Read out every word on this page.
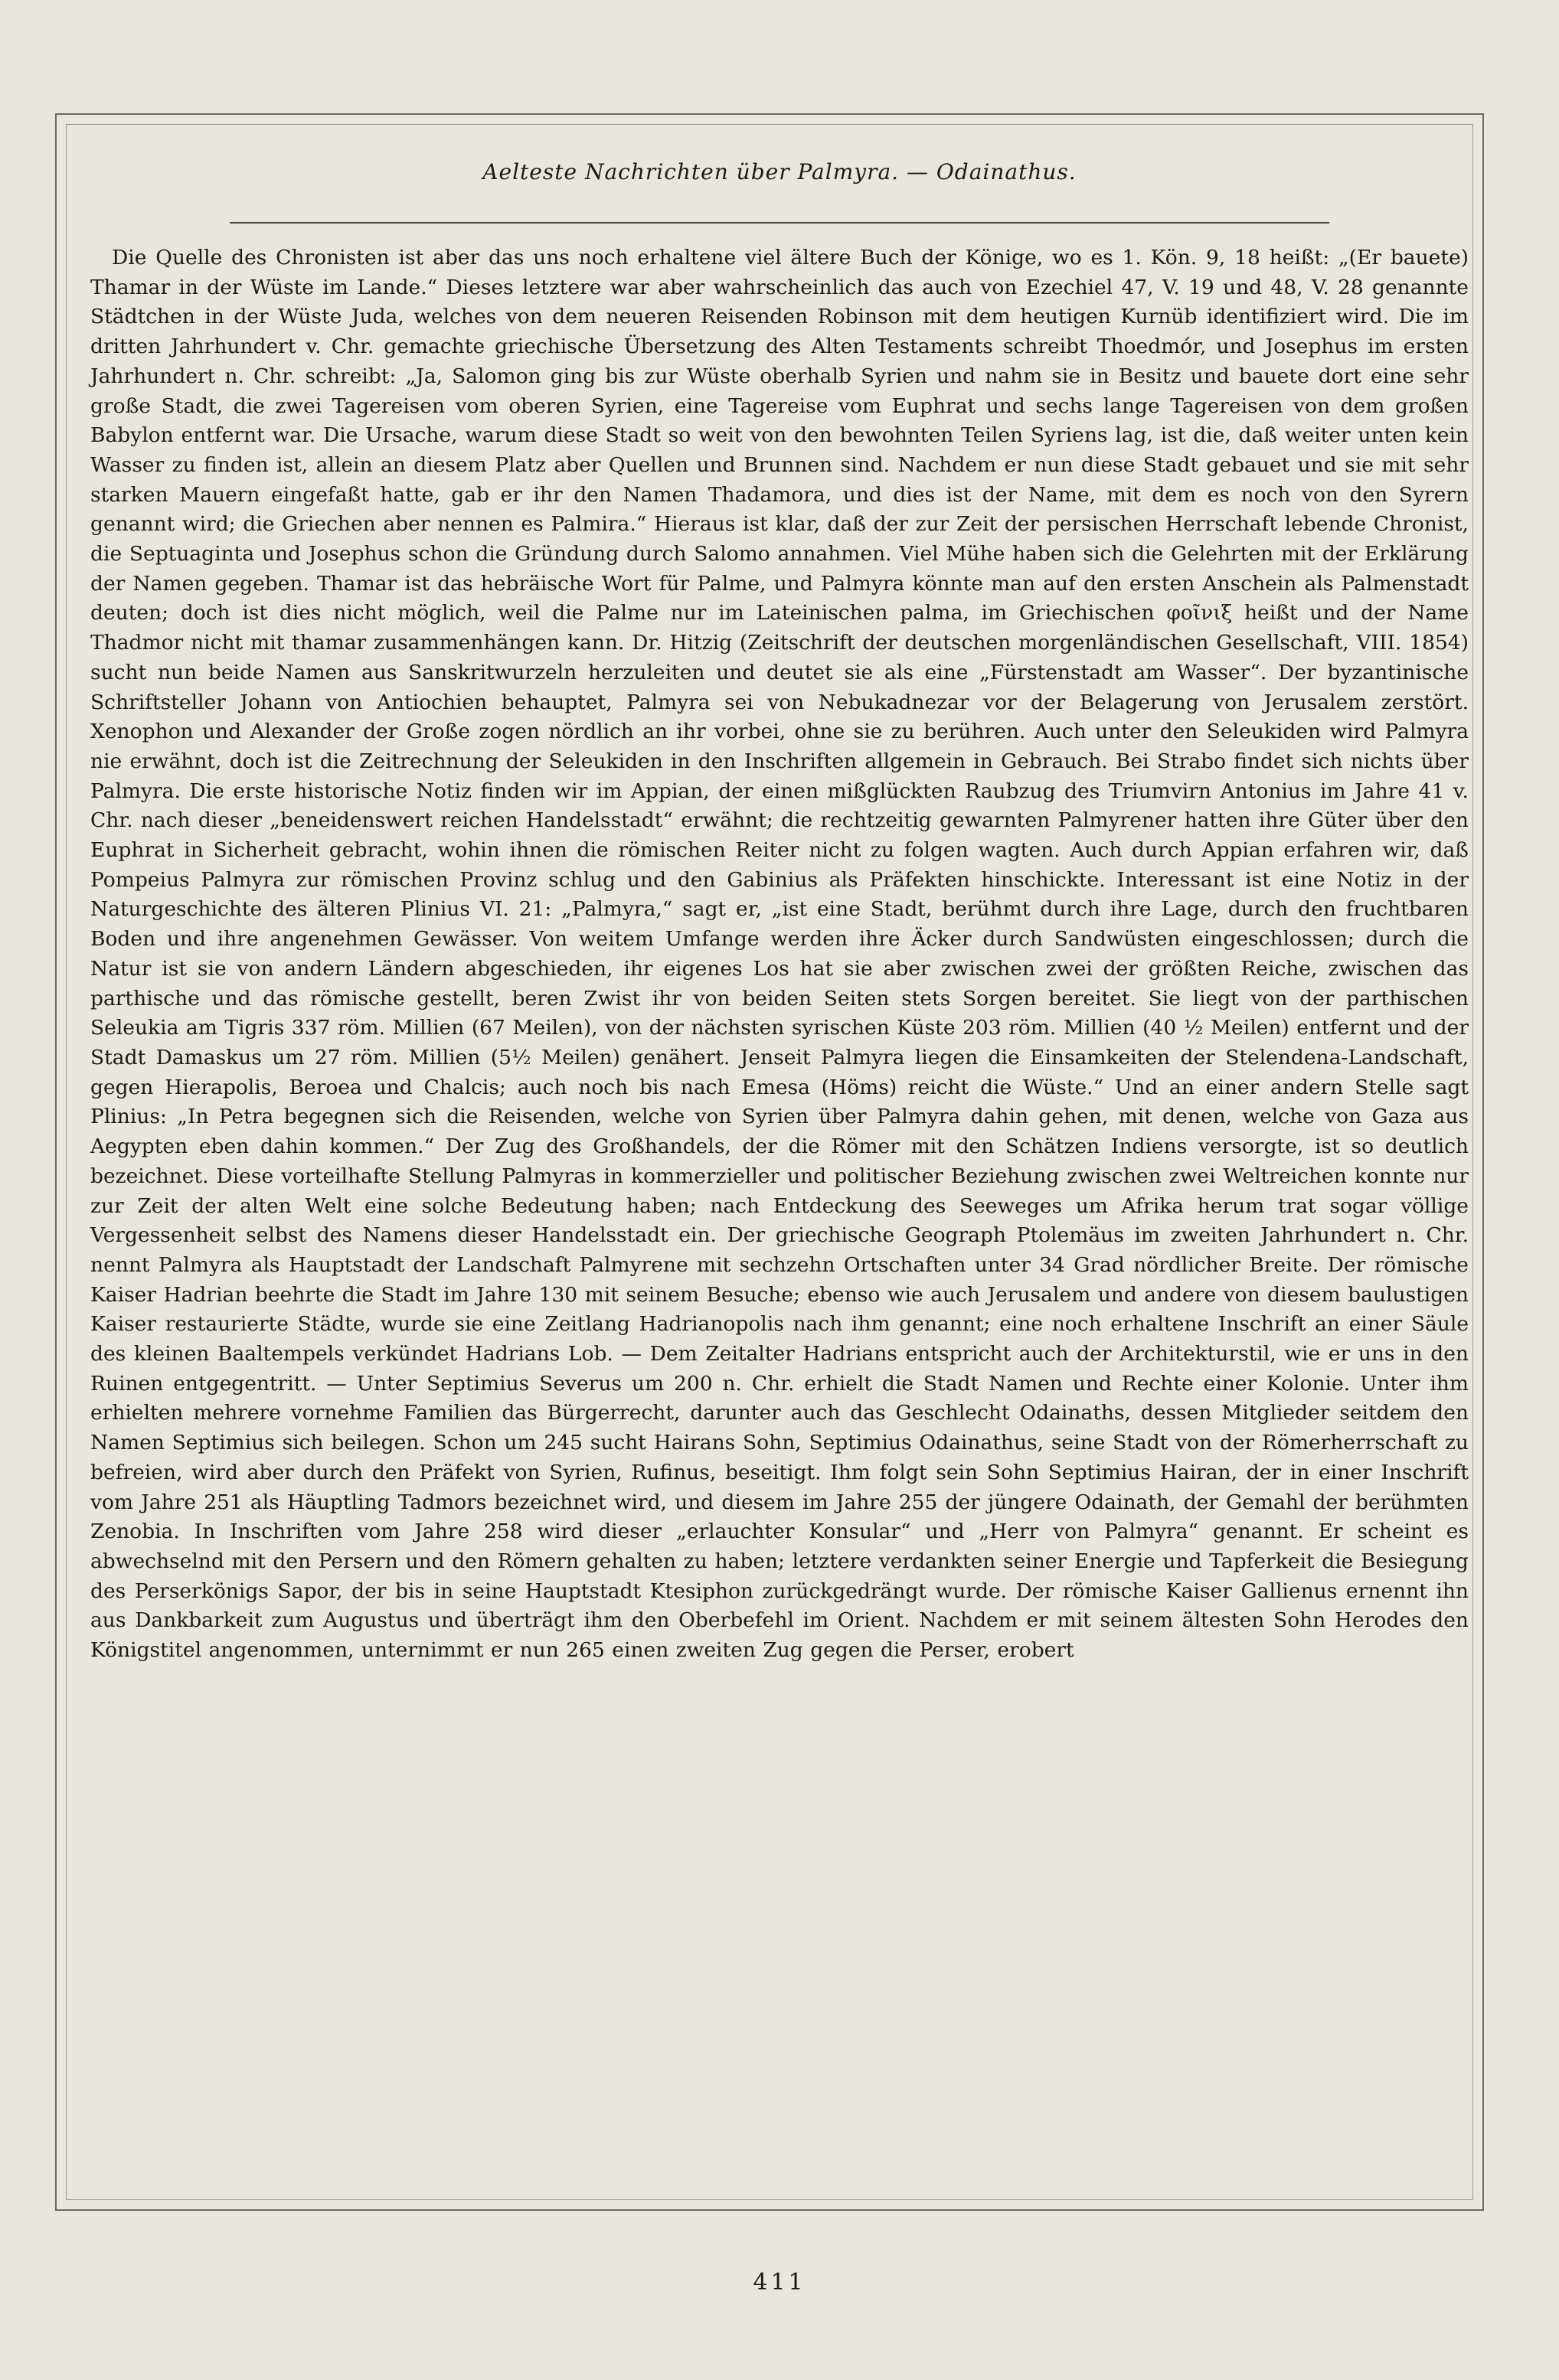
Aelteste Nachrichten über Palmyra. — Odainathus.

Die Quelle des Chronisten ist aber das uns noch erhaltene viel ältere Buch der Könige, wo es 1. Kön. 9, 18 heißt: „(Er bauete) Thamar in der Wüste im Lande.“ Dieses letztere war aber wahrscheinlich das auch von Ezechiel 47, V. 19 und 48, V. 28 genannte Städtchen in der Wüste Juda, welches von dem neueren Reisenden Robinson mit dem heutigen Kurnüb identifiziert wird. Die im dritten Jahrhundert v. Chr. gemachte griechische Übersetzung des Alten Testaments schreibt Thoedmór, und Josephus im ersten Jahrhundert n. Chr. schreibt: „Ja, Salomon ging bis zur Wüste oberhalb Syrien und nahm sie in Besitz und bauete dort eine sehr große Stadt, die zwei Tagereisen vom oberen Syrien, eine Tagereise vom Euphrat und sechs lange Tagereisen von dem großen Babylon entfernt war. Die Ursache, warum diese Stadt so weit von den bewohnten Teilen Syriens lag, ist die, daß weiter unten kein Wasser zu finden ist, allein an diesem Platz aber Quellen und Brunnen sind. Nachdem er nun diese Stadt gebauet und sie mit sehr starken Mauern eingefaßt hatte, gab er ihr den Namen Thadamora, und dies ist der Name, mit dem es noch von den Syrern genannt wird; die Griechen aber nennen es Palmira.“ Hieraus ist klar, daß der zur Zeit der persischen Herrschaft lebende Chronist, die Septuaginta und Josephus schon die Gründung durch Salomo annahmen. Viel Mühe haben sich die Gelehrten mit der Erklärung der Namen gegeben. Thamar ist das hebräische Wort für Palme, und Palmyra könnte man auf den ersten Anschein als Palmenstadt deuten; doch ist dies nicht möglich, weil die Palme nur im Lateinischen palma, im Griechischen φοῖνιξ heißt und der Name Thadmor nicht mit thamar zusammenhängen kann. Dr. Hitzig (Zeitschrift der deutschen morgenländischen Gesellschaft, VIII. 1854) sucht nun beide Namen aus Sanskritwurzeln herzuleiten und deutet sie als eine „Fürstenstadt am Wasser“. Der byzantinische Schriftsteller Johann von Antiochien behauptet, Palmyra sei von Nebukadnezar vor der Belagerung von Jerusalem zerstört. Xenophon und Alexander der Große zogen nördlich an ihr vorbei, ohne sie zu berühren. Auch unter den Seleukiden wird Palmyra nie erwähnt, doch ist die Zeitrechnung der Seleukiden in den Inschriften allgemein in Gebrauch. Bei Strabo findet sich nichts über Palmyra. Die erste historische Notiz finden wir im Appian, der einen mißglückten Raubzug des Triumvirn Antonius im Jahre 41 v. Chr. nach dieser „beneidenswert reichen Handelsstadt“ erwähnt; die rechtzeitig gewarnten Palmyrener hatten ihre Güter über den Euphrat in Sicherheit gebracht, wohin ihnen die römischen Reiter nicht zu folgen wagten. Auch durch Appian erfahren wir, daß Pompeius Palmyra zur römischen Provinz schlug und den Gabinius als Präfekten hinschickte. Interessant ist eine Notiz in der Naturgeschichte des älteren Plinius VI. 21: „Palmyra,“ sagt er, „ist eine Stadt, berühmt durch ihre Lage, durch den fruchtbaren Boden und ihre angenehmen Gewässer. Von weitem Umfange werden ihre Äcker durch Sandwüsten eingeschlossen; durch die Natur ist sie von andern Ländern abgeschieden, ihr eigenes Los hat sie aber zwischen zwei der größten Reiche, zwischen das parthische und das römische gestellt, beren Zwist ihr von beiden Seiten stets Sorgen bereitet. Sie liegt von der parthischen Seleukia am Tigris 337 röm. Millien (67 Meilen), von der nächsten syrischen Küste 203 röm. Millien (40 ½ Meilen) entfernt und der Stadt Damaskus um 27 röm. Millien (5½ Meilen) genähert. Jenseit Palmyra liegen die Einsamkeiten der Stelendena-Landschaft, gegen Hierapolis, Beroea und Chalcis; auch noch bis nach Emesa (Höms) reicht die Wüste.“ Und an einer andern Stelle sagt Plinius: „In Petra begegnen sich die Reisenden, welche von Syrien über Palmyra dahin gehen, mit denen, welche von Gaza aus Aegypten eben dahin kommen.“ Der Zug des Großhandels, der die Römer mit den Schätzen Indiens versorgte, ist so deutlich bezeichnet. Diese vorteilhafte Stellung Palmyras in kommerzieller und politischer Beziehung zwischen zwei Weltreichen konnte nur zur Zeit der alten Welt eine solche Bedeutung haben; nach Entdeckung des Seeweges um Afrika herum trat sogar völlige Vergessenheit selbst des Namens dieser Handelsstadt ein. Der griechische Geograph Ptolemäus im zweiten Jahrhundert n. Chr. nennt Palmyra als Hauptstadt der Landschaft Palmyrene mit sechzehn Ortschaften unter 34 Grad nördlicher Breite. Der römische Kaiser Hadrian beehrte die Stadt im Jahre 130 mit seinem Besuche; ebenso wie auch Jerusalem und andere von diesem baulustigen Kaiser restaurierte Städte, wurde sie eine Zeitlang Hadrianopolis nach ihm genannt; eine noch erhaltene Inschrift an einer Säule des kleinen Baaltempels verkündet Hadrians Lob. — Dem Zeitalter Hadrians entspricht auch der Architekturstil, wie er uns in den Ruinen entgegentritt. — Unter Septimius Severus um 200 n. Chr. erhielt die Stadt Namen und Rechte einer Kolonie. Unter ihm erhielten mehrere vornehme Familien das Bürgerrecht, darunter auch das Geschlecht Odainaths, dessen Mitglieder seitdem den Namen Septimius sich beilegen. Schon um 245 sucht Hairans Sohn, Septimius Odainathus, seine Stadt von der Römerherrschaft zu befreien, wird aber durch den Präfekt von Syrien, Rufinus, beseitigt. Ihm folgt sein Sohn Septimius Hairan, der in einer Inschrift vom Jahre 251 als Häuptling Tadmors bezeichnet wird, und diesem im Jahre 255 der jüngere Odainath, der Gemahl der berühmten Zenobia. In Inschriften vom Jahre 258 wird dieser „erlauchter Konsular“ und „Herr von Palmyra“ genannt. Er scheint es abwechselnd mit den Persern und den Römern gehalten zu haben; letztere verdankten seiner Energie und Tapferkeit die Besiegung des Perserkönigs Sapor, der bis in seine Hauptstadt Ktesiphon zurückgedrängt wurde. Der römische Kaiser Gallienus ernennt ihn aus Dankbarkeit zum Augustus und überträgt ihm den Oberbefehl im Orient. Nachdem er mit seinem ältesten Sohn Herodes den Königstitel angenommen, unternimmt er nun 265 einen zweiten Zug gegen die Perser, erobert

411
